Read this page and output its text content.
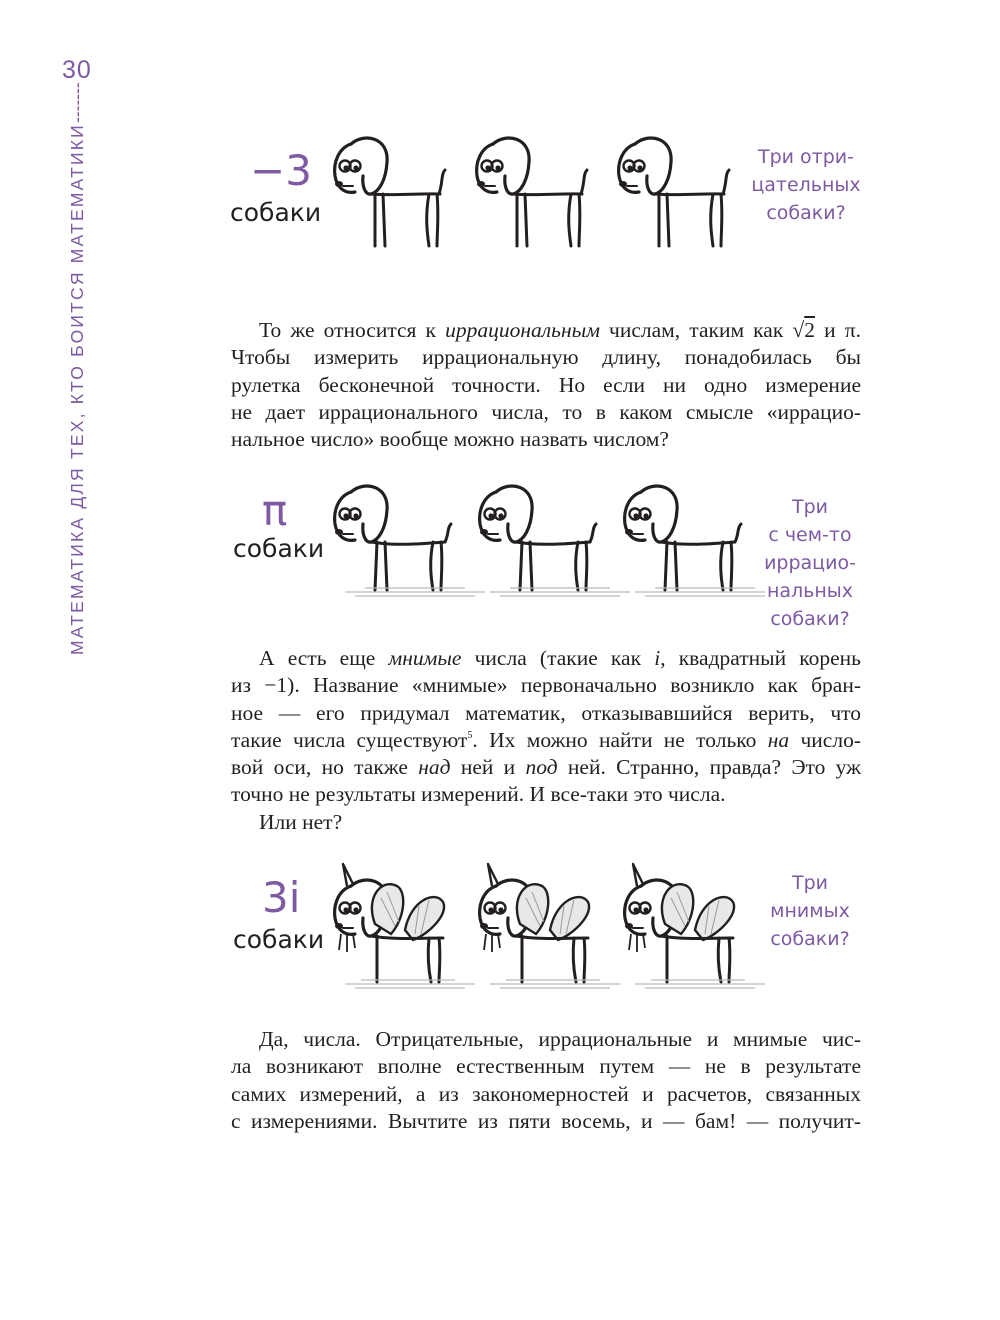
30
МАТЕМАТИКА ДЛЯ ТЕХ, КТО БОИТСЯ МАТЕМАТИКИ-------
−3
собаки
Три отри-
цательных
собаки?
То же относится к иррациональным числам, таким как √2 и π.
Чтобы измерить иррациональную длину, понадобилась бы
рулетка бесконечной точности. Но если ни одно измерение
не дает иррационального числа, то в каком смысле «иррацио-
нальное число» вообще можно назвать числом?
π
собаки
Три
с чем-то
иррацио-
нальных
собаки?
А есть еще мнимые числа (такие как i, квадратный корень
из −1). Название «мнимые» первоначально возникло как бран-
ное — его придумал математик, отказывавшийся верить, что
такие числа существуют$^5$. Их можно найти не только на число-
вой оси, но также над ней и под ней. Странно, правда? Это уж
точно не результаты измерений. И все-таки это числа.
Или нет?
3i
собаки
Три
мнимых
собаки?
Да, числа. Отрицательные, иррациональные и мнимые чис-
ла возникают вполне естественным путем — не в результате
самих измерений, а из закономерностей и расчетов, связанных
с измерениями. Вычтите из пяти восемь, и — бам! — получит-
